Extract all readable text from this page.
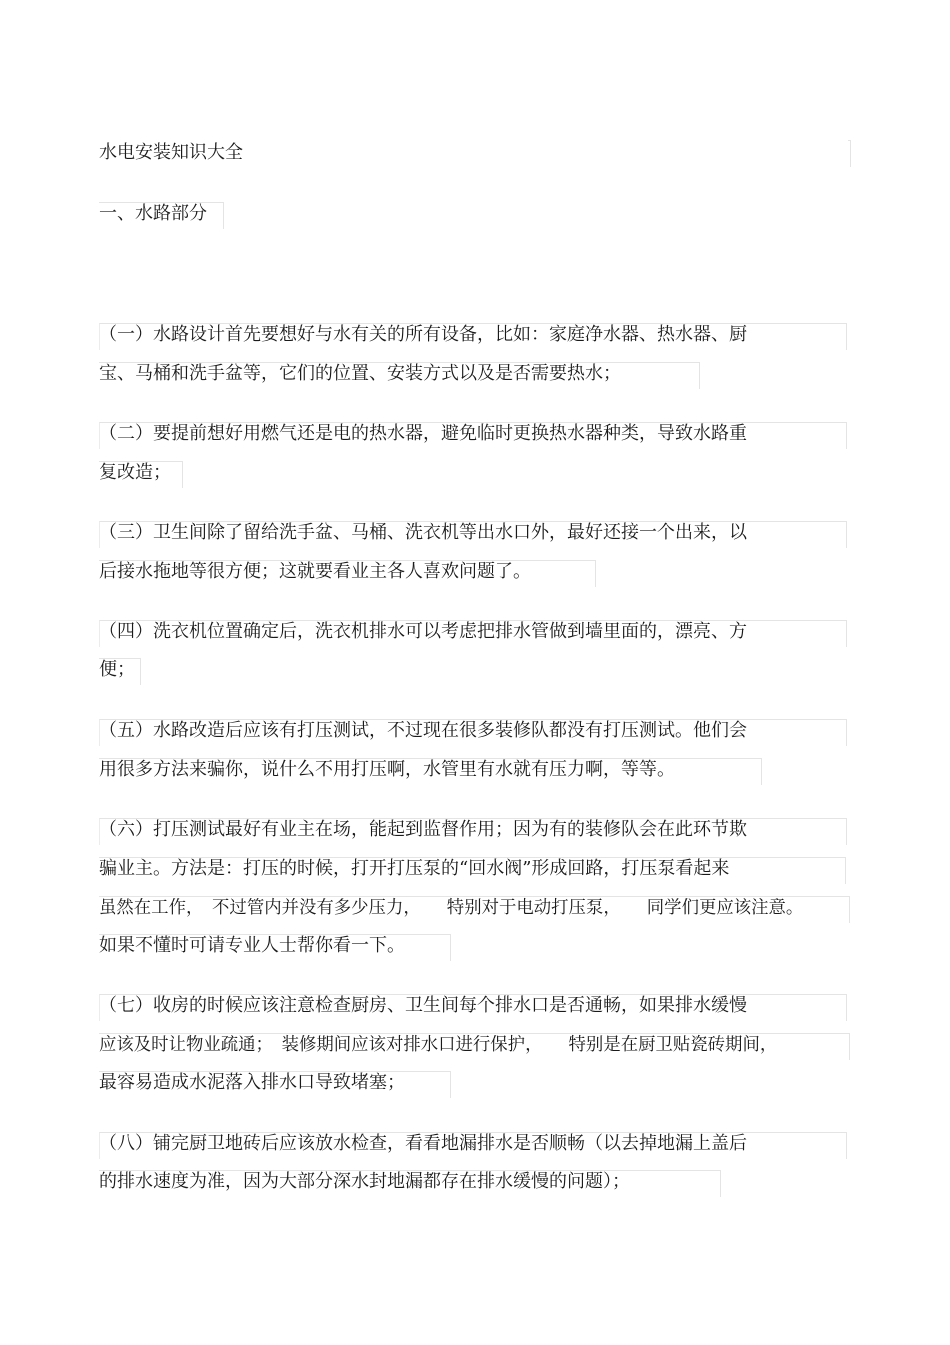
水电安装知识大全
一、水路部分
（一）水路设计首先要想好与水有关的所有设备，比如：家庭净水器、热水器、厨
宝、马桶和洗手盆等，它们的位置、安装方式以及是否需要热水；
（二）要提前想好用燃气还是电的热水器，避免临时更换热水器种类，导致水路重
复改造；
（三）卫生间除了留给洗手盆、马桶、洗衣机等出水口外，最好还接一个出来，以
后接水拖地等很方便；这就要看业主各人喜欢问题了。
（四）洗衣机位置确定后，洗衣机排水可以考虑把排水管做到墙里面的，漂亮、方
便；
（五）水路改造后应该有打压测试，不过现在很多装修队都没有打压测试。他们会
用很多方法来骗你，说什么不用打压啊，水管里有水就有压力啊，等等。
（六）打压测试最好有业主在场，能起到监督作用；因为有的装修队会在此环节欺
骗业主。方法是：打压的时候，打开打压泵的“回水阀”形成回路，打压泵看起来
虽然在工作，　不过管内并没有多少压力，　　特别对于电动打压泵，　　同学们更应该注意。
如果不懂时可请专业人士帮你看一下。
（七）收房的时候应该注意检查厨房、卫生间每个排水口是否通畅，如果排水缓慢
应该及时让物业疏通；　装修期间应该对排水口进行保护，　　特别是在厨卫贴瓷砖期间，
最容易造成水泥落入排水口导致堵塞；
（八）铺完厨卫地砖后应该放水检查，看看地漏排水是否顺畅（以去掉地漏上盖后
的排水速度为准，因为大部分深水封地漏都存在排水缓慢的问题）；
